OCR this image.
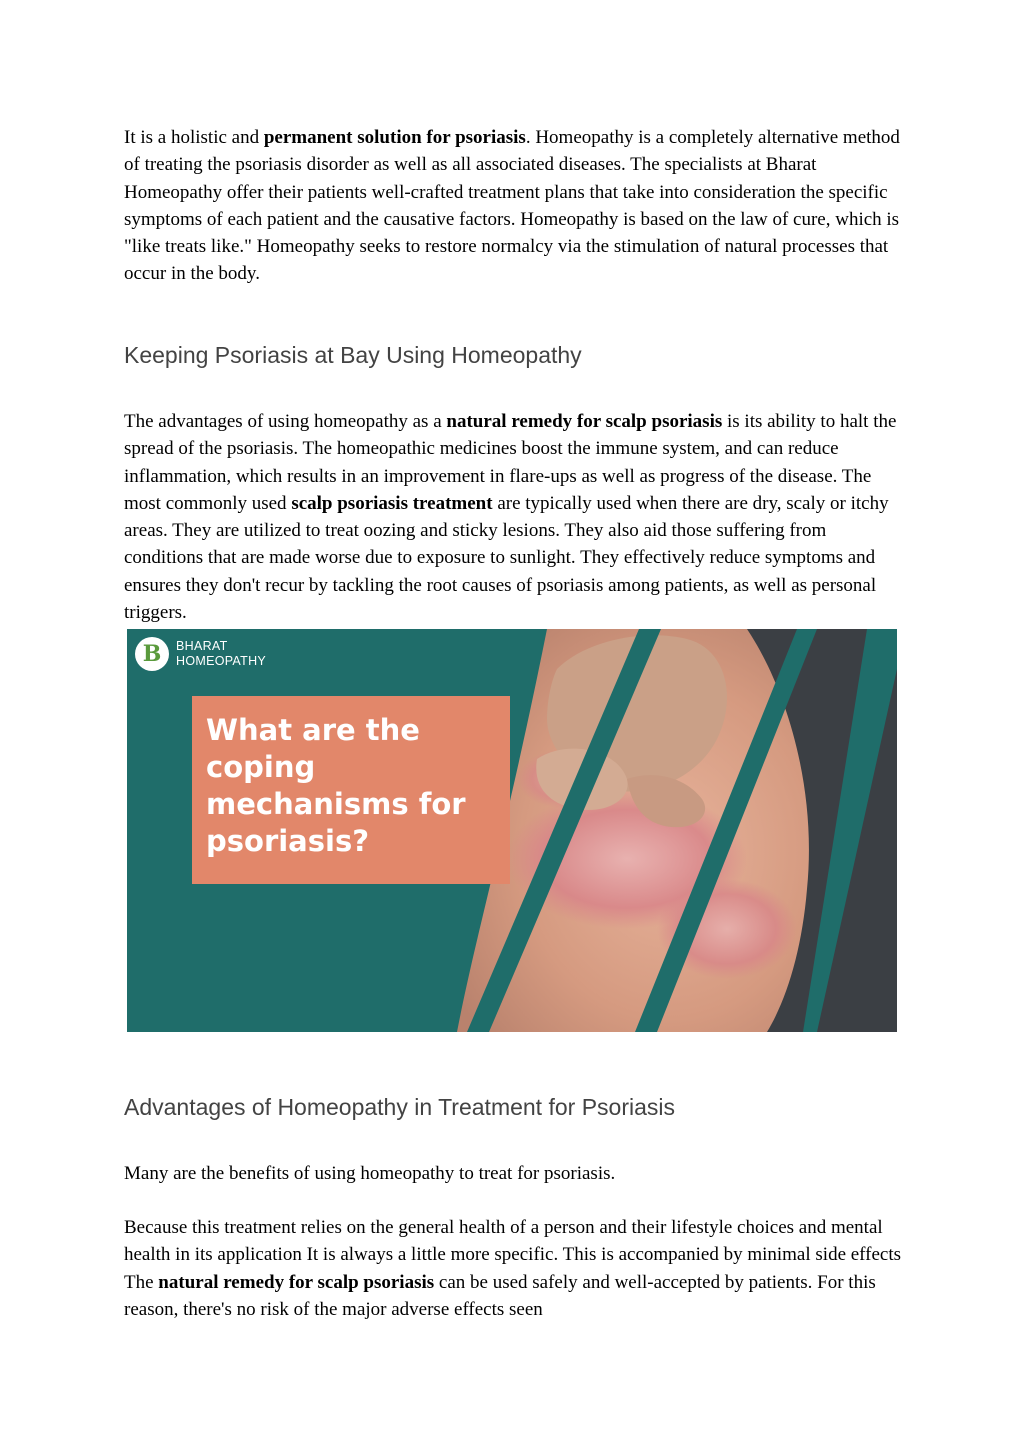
It is a holistic and permanent solution for psoriasis. Homeopathy is a completely alternative method of treating the psoriasis disorder as well as all associated diseases. The specialists at Bharat Homeopathy offer their patients well-crafted treatment plans that take into consideration the specific symptoms of each patient and the causative factors. Homeopathy is based on the law of cure, which is "like treats like." Homeopathy seeks to restore normalcy via the stimulation of natural processes that occur in the body.

Keeping Psoriasis at Bay Using Homeopathy

The advantages of using homeopathy as a natural remedy for scalp psoriasis is its ability to halt the spread of the psoriasis. The homeopathic medicines boost the immune system, and can reduce inflammation, which results in an improvement in flare-ups as well as progress of the disease. The most commonly used scalp psoriasis treatment are typically used when there are dry, scaly or itchy areas. They are utilized to treat oozing and sticky lesions. They also aid those suffering from conditions that are made worse due to exposure to sunlight. They effectively reduce symptoms and ensures they don't recur by tackling the root causes of psoriasis among patients, as well as personal triggers.

B	BHARAT
HOMEOPATHY

What are the
coping
mechanisms for
psoriasis?

Advantages of Homeopathy in Treatment for Psoriasis

Many are the benefits of using homeopathy to treat for psoriasis.

Because this treatment relies on the general health of a person and their lifestyle choices and mental health in its application It is always a little more specific. This is accompanied by minimal side effects The natural remedy for scalp psoriasis can be used safely and well-accepted by patients. For this reason, there's no risk of the major adverse effects seen
